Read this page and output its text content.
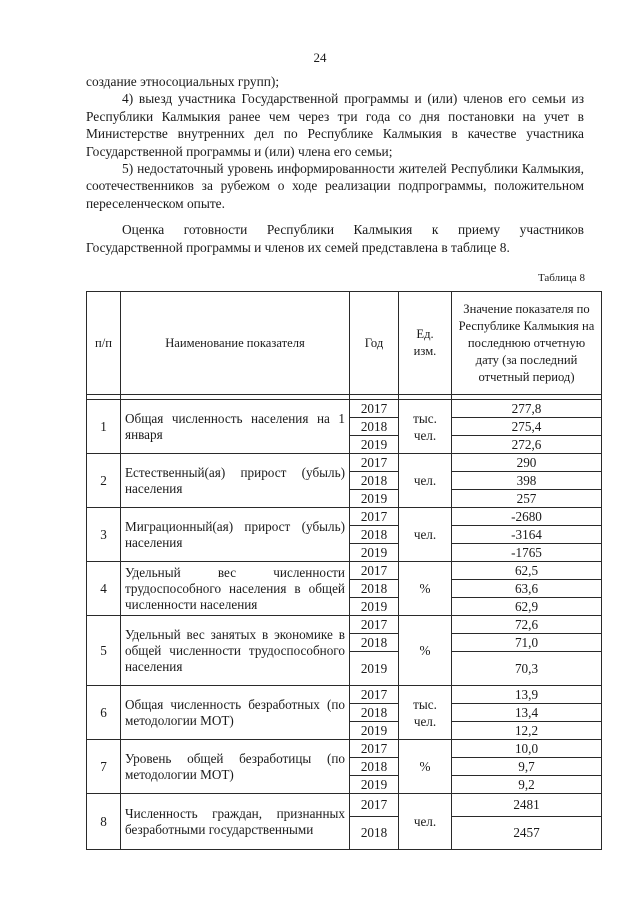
24

создание этносоциальных групп);

4) выезд участника Государственной программы и (или) членов его семьи из Республики Калмыкия ранее чем через три года со дня постановки на учет в Министерстве внутренних дел по Республике Калмыкия в качестве участника Государственной программы и (или) члена его семьи;

5) недостаточный уровень информированности жителей Республики Калмыкия, соотечественников за рубежом о ходе реализации подпрограммы, положительном переселенческом опыте.

Оценка готовности Республики Калмыкия к приему участников Государственной программы и членов их семей представлена в таблице 8.

Таблица 8
п/п	Наименование показателя	Год	Ед. изм.	Значение показателя по Республике Калмыкия на последнюю отчетную дату (за последний отчетный период)

1	Общая численность населения на 1 января	2017	тыс. чел.	277,8
		2018		275,4
		2019		272,6
2	Естественный(ая) прирост (убыль) населения	2017	чел.	290
		2018		398
		2019		257
3	Миграционный(ая) прирост (убыль) населения	2017	чел.	-2680
		2018		-3164
		2019		-1765
4	Удельный вес численности трудоспособного населения в общей численности населения	2017	%	62,5
		2018		63,6
		2019		62,9
5	Удельный вес занятых в экономике в общей численности трудоспособного населения	2017	%	72,6
		2018		71,0
		2019		70,3
6	Общая численность безработных (по методологии МОТ)	2017	тыс. чел.	13,9
		2018		13,4
		2019		12,2
7	Уровень общей безработицы (по методологии МОТ)	2017	%	10,0
		2018		9,7
		2019		9,2
8	Численность граждан, признанных безработными государственными	2017	чел.	2481
		2018		2457
